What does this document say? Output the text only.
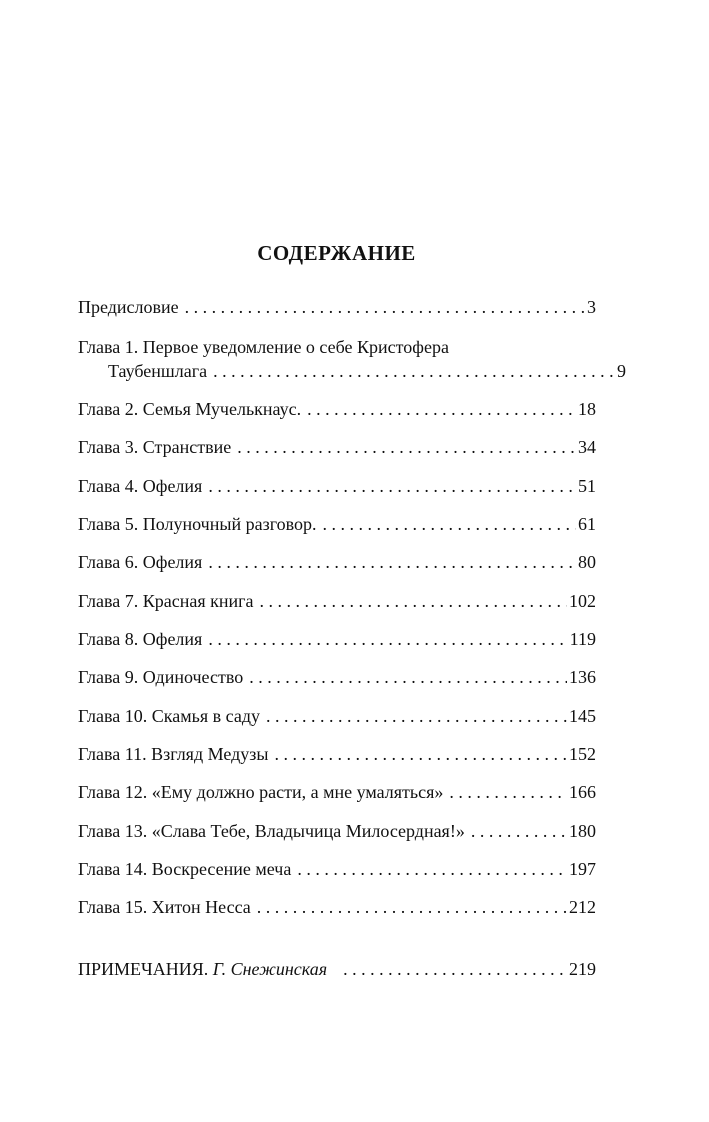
СОДЕРЖАНИЕ
Предисловие . . .	3
Глава 1. Первое уведомление о себе Кристофера
Таубеншлага . . .	9
Глава 2. Семья Мучелькнаус. . . .	18
Глава 3. Странствие . . .	34
Глава 4. Офелия . . .	51
Глава 5. Полуночный разговор. . . .	61
Глава 6. Офелия . . .	80
Глава 7. Красная книга . . .	102
Глава 8. Офелия . . .	119
Глава 9. Одиночество . . .	136
Глава 10. Скамья в саду . . .	145
Глава 11. Взгляд Медузы . . .	152
Глава 12. «Ему должно расти, а мне умаляться» . . .	166
Глава 13. «Слава Тебе, Владычица Милосердная!» . . .	180
Глава 14. Воскресение меча . . .	197
Глава 15. Хитон Несса . . .	212
ПРИМЕЧАНИЯ. Г. Снежинская . . .	219
